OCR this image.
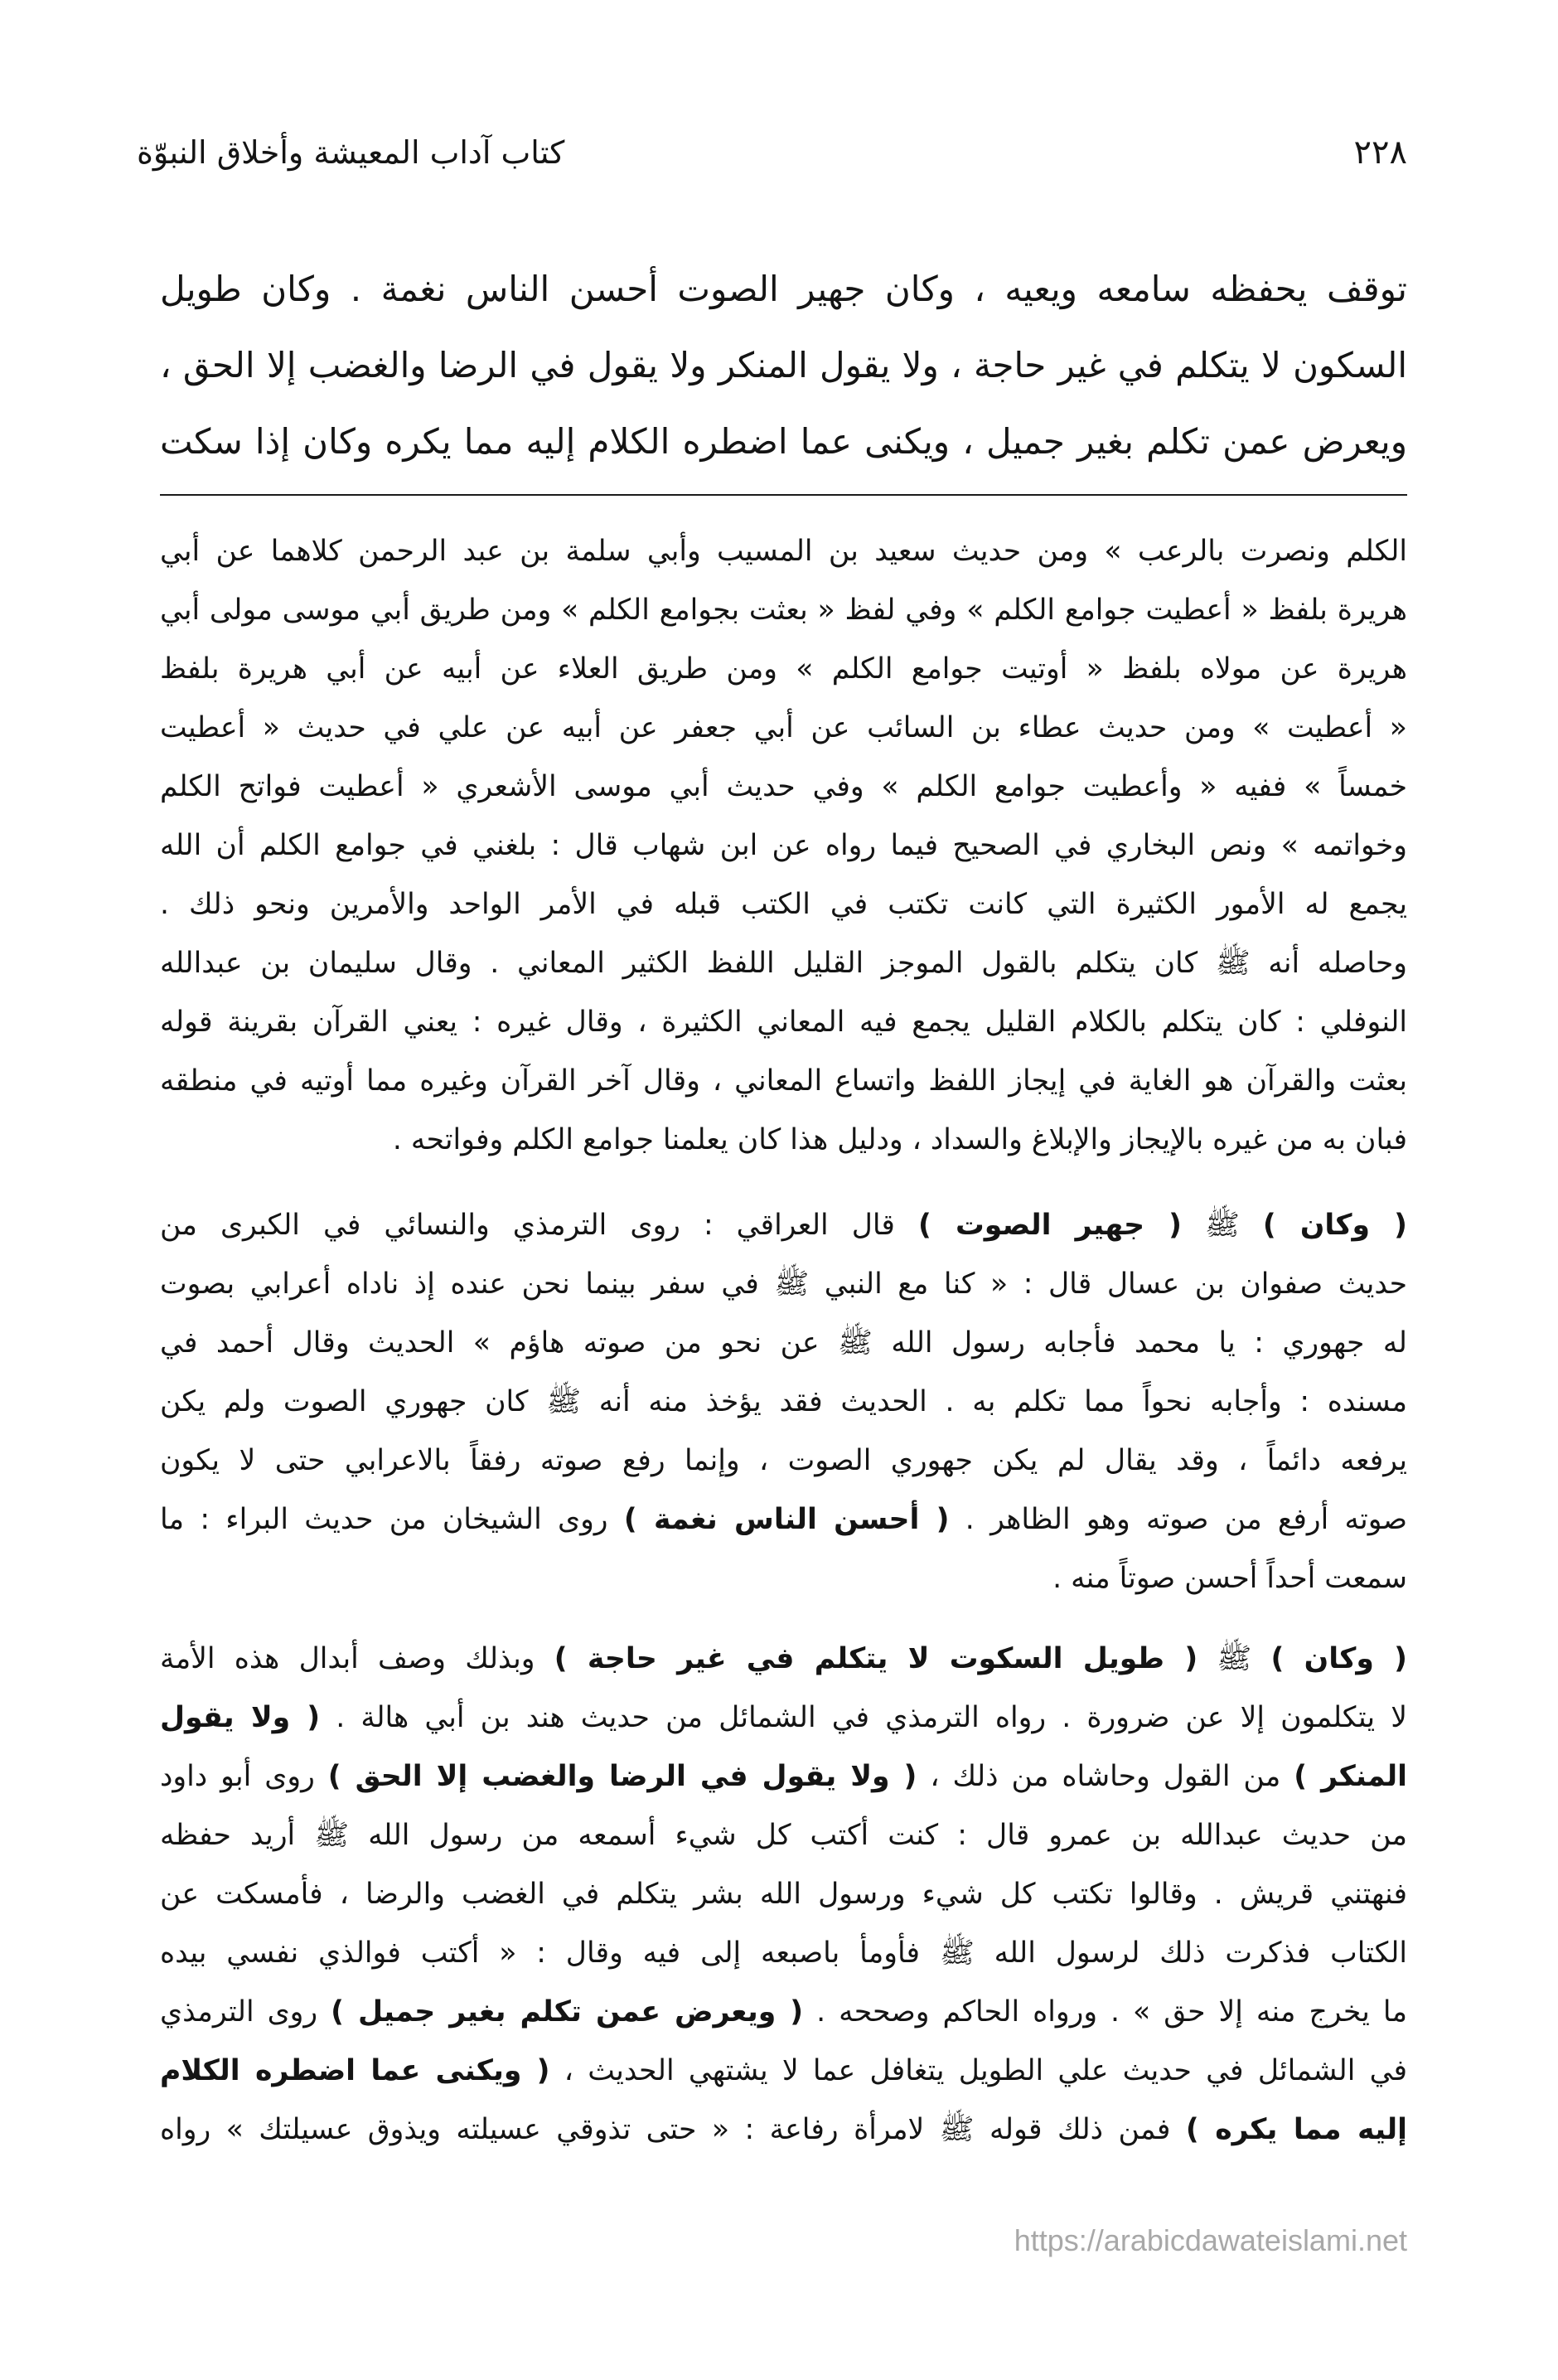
كتاب آداب المعيشة وأخلاق النبوّة	٢٢٨
توقف يحفظه سامعه ويعيه ، وكان جهير الصوت أحسن الناس نغمة . وكان طويل
السكون لا يتكلم في غير حاجة ، ولا يقول المنكر ولا يقول في الرضا والغضب إلا الحق ،
ويعرض عمن تكلم بغير جميل ، ويكنى عما اضطره الكلام إليه مما يكره وكان إذا سكت
الكلم ونصرت بالرعب » ومن حديث سعيد بن المسيب وأبي سلمة بن عبد الرحمن كلاهما عن أبي
هريرة بلفظ « أعطيت جوامع الكلم » وفي لفظ « بعثت بجوامع الكلم » ومن طريق أبي موسى مولى أبي
هريرة عن مولاه بلفظ « أوتيت جوامع الكلم » ومن طريق العلاء عن أبيه عن أبي هريرة بلفظ
« أعطيت » ومن حديث عطاء بن السائب عن أبي جعفر عن أبيه عن علي في حديث « أعطيت
خمساً » ففيه « وأعطيت جوامع الكلم » وفي حديث أبي موسى الأشعري « أعطيت فواتح الكلم
وخواتمه » ونص البخاري في الصحيح فيما رواه عن ابن شهاب قال : بلغني في جوامع الكلم أن الله
يجمع له الأمور الكثيرة التي كانت تكتب في الكتب قبله في الأمر الواحد والأمرين ونحو ذلك .
وحاصله أنه ﷺ كان يتكلم بالقول الموجز القليل اللفظ الكثير المعاني . وقال سليمان بن عبدالله
النوفلي : كان يتكلم بالكلام القليل يجمع فيه المعاني الكثيرة ، وقال غيره : يعني القرآن بقرينة قوله
بعثت والقرآن هو الغاية في إيجاز اللفظ واتساع المعاني ، وقال آخر القرآن وغيره مما أوتيه في منطقه
فبان به من غيره بالإيجاز والإبلاغ والسداد ، ودليل هذا كان يعلمنا جوامع الكلم وفواتحه .
( وكان ) ﷺ ( جهير الصوت ) قال العراقي : روى الترمذي والنسائي في الكبرى من
حديث صفوان بن عسال قال : « كنا مع النبي ﷺ في سفر بينما نحن عنده إذ ناداه أعرابي بصوت
له جهوري : يا محمد فأجابه رسول الله ﷺ عن نحو من صوته هاؤم » الحديث وقال أحمد في
مسنده : وأجابه نحواً مما تكلم به . الحديث فقد يؤخذ منه أنه ﷺ كان جهوري الصوت ولم يكن
يرفعه دائماً ، وقد يقال لم يكن جهوري الصوت ، وإنما رفع صوته رفقاً بالاعرابي حتى لا يكون
صوته أرفع من صوته وهو الظاهر . ( أحسن الناس نغمة ) روى الشيخان من حديث البراء : ما
سمعت أحداً أحسن صوتاً منه .
( وكان ) ﷺ ( طويل السكوت لا يتكلم في غير حاجة ) وبذلك وصف أبدال هذه الأمة
لا يتكلمون إلا عن ضرورة . رواه الترمذي في الشمائل من حديث هند بن أبي هالة . ( ولا يقول
المنكر ) من القول وحاشاه من ذلك ، ( ولا يقول في الرضا والغضب إلا الحق ) روى أبو داود
من حديث عبدالله بن عمرو قال : كنت أكتب كل شيء أسمعه من رسول الله ﷺ أريد حفظه
فنهتني قريش . وقالوا تكتب كل شيء ورسول الله بشر يتكلم في الغضب والرضا ، فأمسكت عن
الكتاب فذكرت ذلك لرسول الله ﷺ فأومأ باصبعه إلى فيه وقال : « أكتب فوالذي نفسي بيده
ما يخرج منه إلا حق » . ورواه الحاكم وصححه . ( ويعرض عمن تكلم بغير جميل ) روى الترمذي
في الشمائل في حديث علي الطويل يتغافل عما لا يشتهي الحديث ، ( ويكنى عما اضطره الكلام
إليه مما يكره ) فمن ذلك قوله ﷺ لامرأة رفاعة : « حتى تذوقي عسيلته ويذوق عسيلتك » رواه
https://arabicdawateislami.net
